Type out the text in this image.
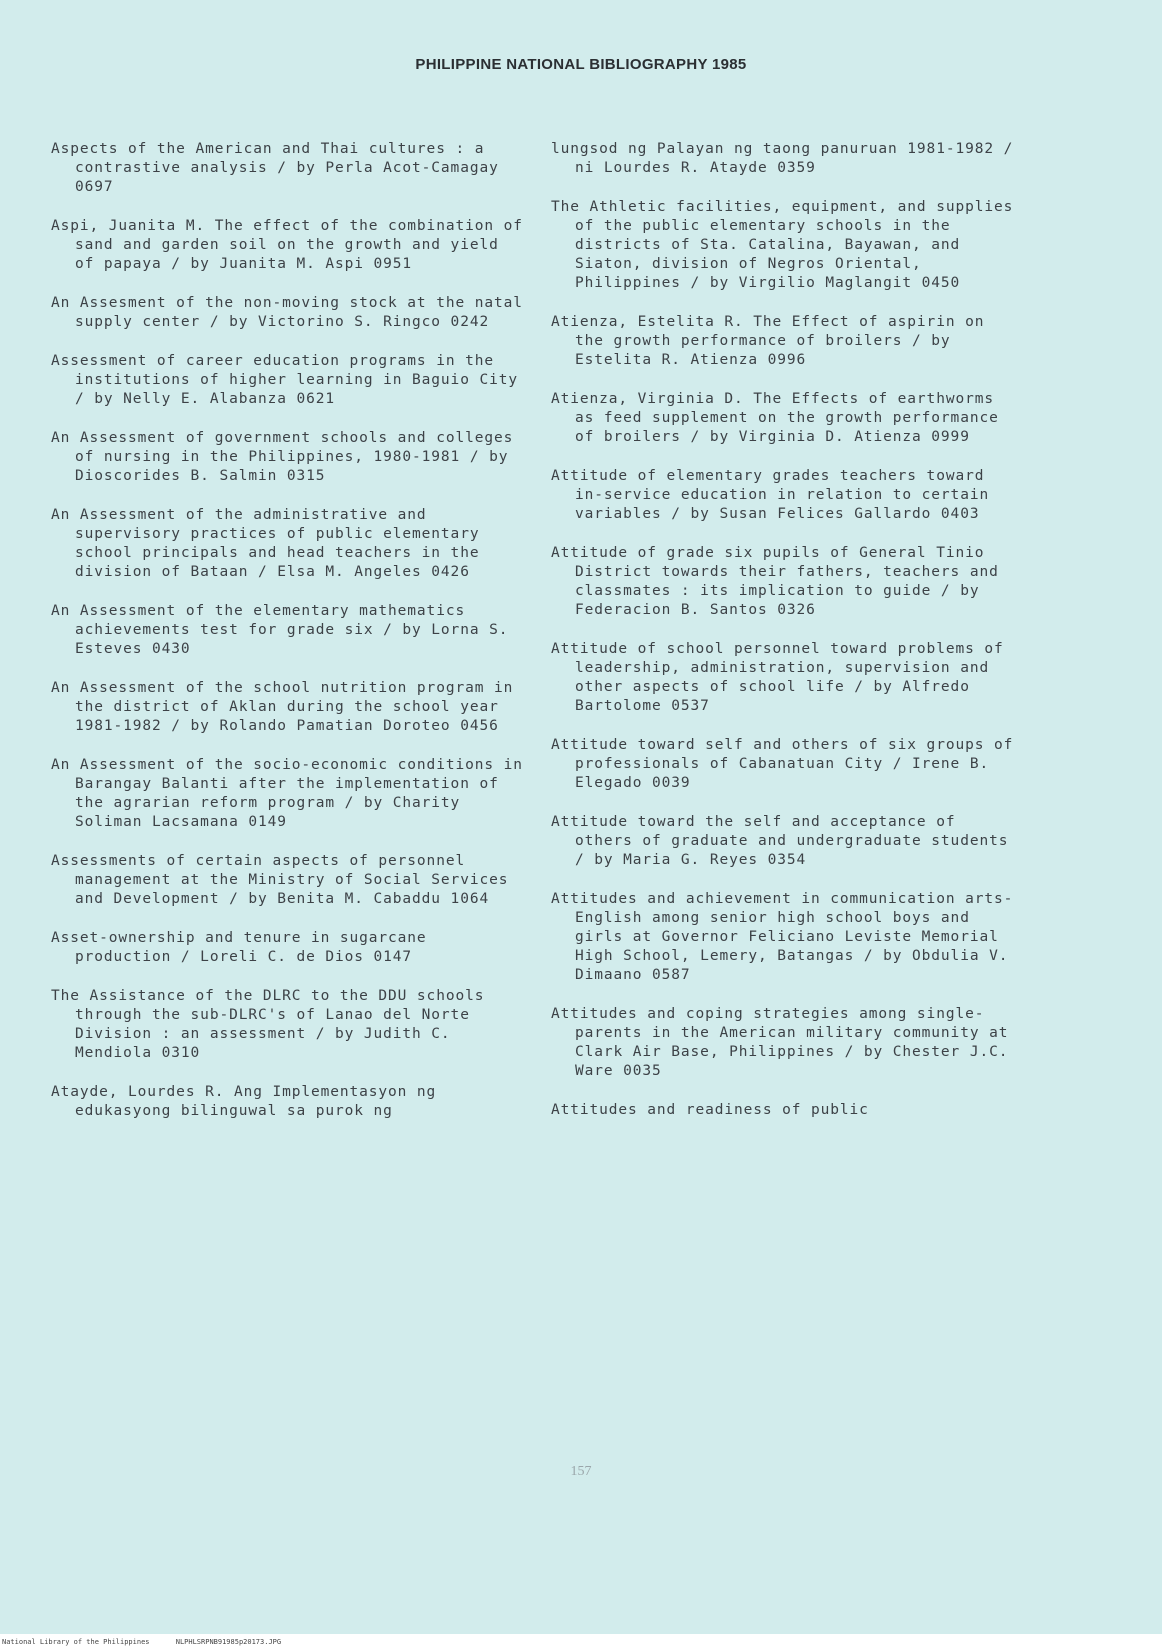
PHILIPPINE NATIONAL BIBLIOGRAPHY 1985

Aspects of the American and Thai cultures : a contrastive analysis / by Perla Acot-Camagay 0697

Aspi, Juanita M. The effect of the combination of sand and garden soil on the growth and yield of papaya / by Juanita M. Aspi 0951

An Assesment of the non-moving stock at the natal supply center / by Victorino S. Ringco 0242

Assessment of career education programs in the institutions of higher learning in Baguio City / by Nelly E. Alabanza 0621

An Assessment of government schools and colleges of nursing in the Philippines, 1980-1981 / by Dioscorides B. Salmin 0315

An Assessment of the administrative and supervisory practices of public elementary school principals and head teachers in the division of Bataan / Elsa M. Angeles 0426

An Assessment of the elementary mathematics achievements test for grade six / by Lorna S. Esteves 0430

An Assessment of the school nutrition program in the district of Aklan during the school year 1981-1982 / by Rolando Pamatian Doroteo 0456

An Assessment of the socio-economic conditions in Barangay Balanti after the implementation of the agrarian reform program / by Charity Soliman Lacsamana 0149

Assessments of certain aspects of personnel management at the Ministry of Social Services and Development / by Benita M. Cabaddu 1064

Asset-ownership and tenure in sugarcane production / Loreli C. de Dios 0147

The Assistance of the DLRC to the DDU schools through the sub-DLRC's of Lanao del Norte Division : an assessment / by Judith C. Mendiola 0310

Atayde, Lourdes R. Ang Implementasyon ng edukasyong bilinguwal sa purok ng

lungsod ng Palayan ng taong panuruan 1981-1982 / ni Lourdes R. Atayde 0359

The Athletic facilities, equipment, and supplies of the public elementary schools in the districts of Sta. Catalina, Bayawan, and Siaton, division of Negros Oriental, Philippines / by Virgilio Maglangit 0450

Atienza, Estelita R. The Effect of aspirin on the growth performance of broilers / by Estelita R. Atienza 0996

Atienza, Virginia D. The Effects of earthworms as feed supplement on the growth performance of broilers / by Virginia D. Atienza 0999

Attitude of elementary grades teachers toward in-service education in relation to certain variables / by Susan Felices Gallardo 0403

Attitude of grade six pupils of General Tinio District towards their fathers, teachers and classmates : its implication to guide / by Federacion B. Santos 0326

Attitude of school personnel toward problems of leadership, administration, supervision and other aspects of school life / by Alfredo Bartolome 0537

Attitude toward self and others of six groups of professionals of Cabanatuan City / Irene B. Elegado 0039

Attitude toward the self and acceptance of others of graduate and undergraduate students / by Maria G. Reyes 0354

Attitudes and achievement in communication arts-English among senior high school boys and girls at Governor Feliciano Leviste Memorial High School, Lemery, Batangas / by Obdulia V. Dimaano 0587

Attitudes and coping strategies among single-parents in the American military community at Clark Air Base, Philippines / by Chester J.C. Ware 0035

Attitudes and readiness of public

157
National Library of the Philippines	NLPHLSRPNB91985p20173.JPG
